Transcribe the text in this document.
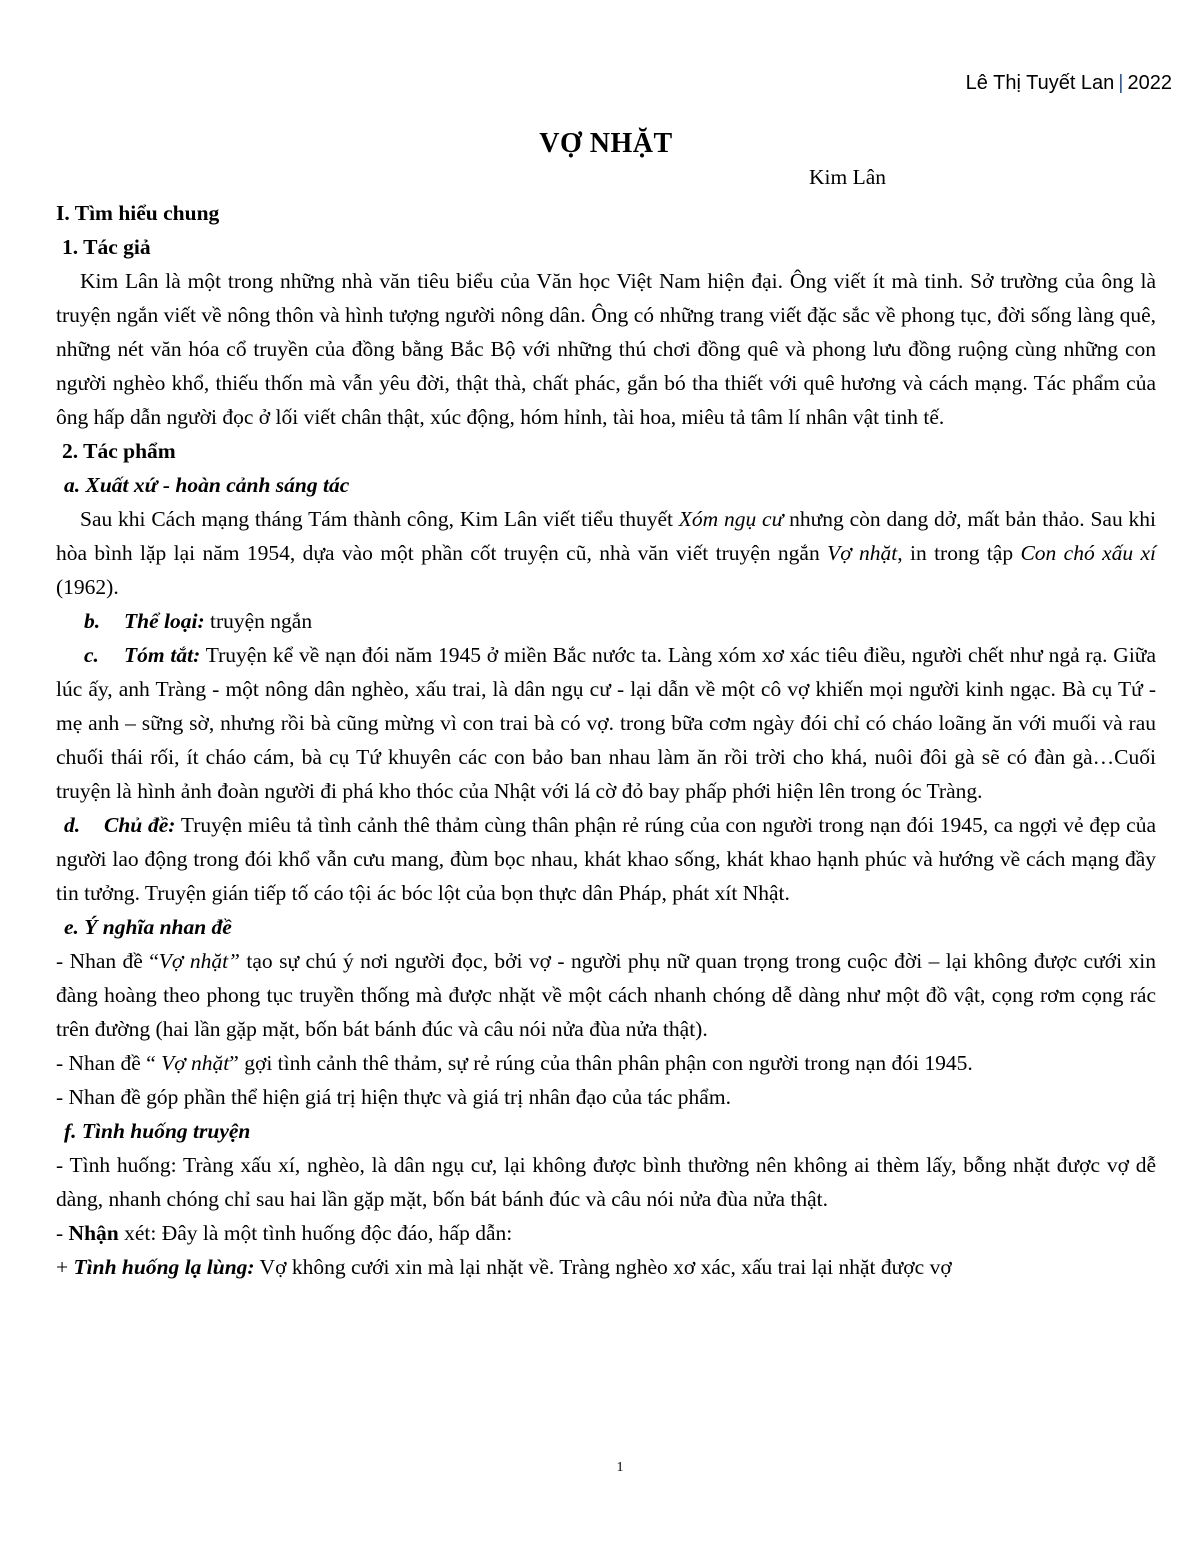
Lê Thị Tuyết Lan | 2022
VỢ NHẶT
Kim Lân
I. Tìm hiểu chung
1. Tác giả

Kim Lân là một trong những nhà văn tiêu biểu của Văn học Việt Nam hiện đại. Ông viết ít mà tinh. Sở trường của ông là truyện ngắn viết về nông thôn và hình tượng người nông dân. Ông có những trang viết đặc sắc về phong tục, đời sống làng quê, những nét văn hóa cổ truyền của đồng bằng Bắc Bộ với những thú chơi đồng quê và phong lưu đồng ruộng cùng những con người nghèo khổ, thiếu thốn mà vẫn yêu đời, thật thà, chất phác, gắn bó tha thiết với quê hương và cách mạng. Tác phẩm của ông hấp dẫn người đọc ở lối viết chân thật, xúc động, hóm hỉnh, tài hoa, miêu tả tâm lí nhân vật tinh tế.

2. Tác phẩm
a. Xuất xứ - hoàn cảnh sáng tác

Sau khi Cách mạng tháng Tám thành công, Kim Lân viết tiểu thuyết Xóm ngụ cư nhưng còn dang dở, mất bản thảo. Sau khi hòa bình lặp lại năm 1954, dựa vào một phần cốt truyện cũ, nhà văn viết truyện ngắn Vợ nhặt, in trong tập Con chó xấu xí (1962).

b. Thể loại: truyện ngắn

c. Tóm tắt: Truyện kể về nạn đói năm 1945 ở miền Bắc nước ta. Làng xóm xơ xác tiêu điều, người chết như ngả rạ. Giữa lúc ấy, anh Tràng - một nông dân nghèo, xấu trai, là dân ngụ cư - lại dẫn về một cô vợ khiến mọi người kinh ngạc. Bà cụ Tứ - mẹ anh – sững sờ, nhưng rồi bà cũng mừng vì con trai bà có vợ. trong bữa cơm ngày đói chỉ có cháo loãng ăn với muối và rau chuối thái rối, ít cháo cám, bà cụ Tứ khuyên các con bảo ban nhau làm ăn rồi trời cho khá, nuôi đôi gà sẽ có đàn gà…Cuối truyện là hình ảnh đoàn người đi phá kho thóc của Nhật với lá cờ đỏ bay phấp phới hiện lên trong óc Tràng.

d. Chủ đề: Truyện miêu tả tình cảnh thê thảm cùng thân phận rẻ rúng của con người trong nạn đói 1945, ca ngợi vẻ đẹp của người lao động trong đói khổ vẫn cưu mang, đùm bọc nhau, khát khao sống, khát khao hạnh phúc và hướng về cách mạng đầy tin tưởng. Truyện gián tiếp tố cáo tội ác bóc lột của bọn thực dân Pháp, phát xít Nhật.

e. Ý nghĩa nhan đề

- Nhan đề “Vợ nhặt” tạo sự chú ý nơi người đọc, bởi vợ - người phụ nữ quan trọng trong cuộc đời – lại không được cưới xin đàng hoàng theo phong tục truyền thống mà được nhặt về một cách nhanh chóng dễ dàng như một đồ vật, cọng rơm cọng rác trên đường (hai lần gặp mặt, bốn bát bánh đúc và câu nói nửa đùa nửa thật).

- Nhan đề “ Vợ nhặt” gợi tình cảnh thê thảm, sự rẻ rúng của thân phân phận con người trong nạn đói 1945.

- Nhan đề góp phần thể hiện giá trị hiện thực và giá trị nhân đạo của tác phẩm.

f. Tình huống truyện

- Tình huống: Tràng xấu xí, nghèo, là dân ngụ cư, lại không được bình thường nên không ai thèm lấy, bỗng nhặt được vợ dễ dàng, nhanh chóng chỉ sau hai lần gặp mặt, bốn bát bánh đúc và câu nói nửa đùa nửa thật.

- Nhận xét: Đây là một tình huống độc đáo, hấp dẫn:

+ Tình huống lạ lùng: Vợ không cưới xin mà lại nhặt về. Tràng nghèo xơ xác, xấu trai lại nhặt được vợ

1
